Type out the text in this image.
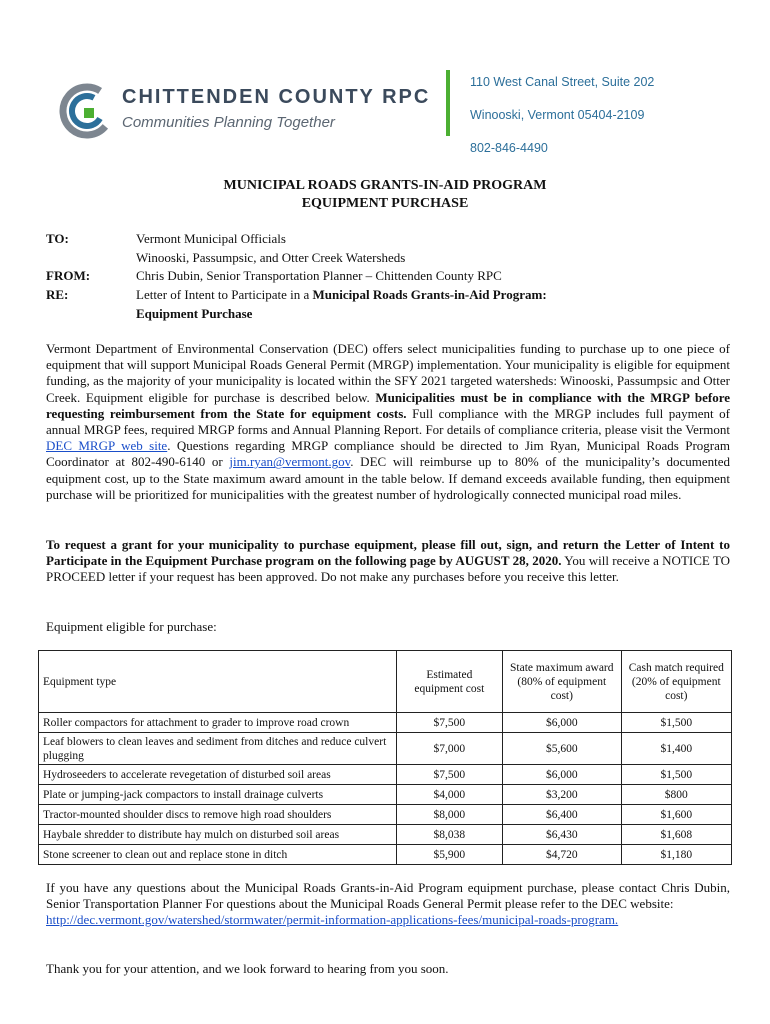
CHITTENDEN COUNTY RPC
Communities Planning Together
110 West Canal Street, Suite 202
Winooski, Vermont 05404-2109
802-846-4490
MUNICIPAL ROADS GRANTS-IN-AID PROGRAM
EQUIPMENT PURCHASE
TO:	Vermont Municipal Officials
Winooski, Passumpsic, and Otter Creek Watersheds
FROM:	Chris Dubin, Senior Transportation Planner – Chittenden County RPC
RE:	Letter of Intent to Participate in a Municipal Roads Grants-in-Aid Program:
Equipment Purchase
Vermont Department of Environmental Conservation (DEC) offers select municipalities funding to purchase up to one piece of equipment that will support Municipal Roads General Permit (MRGP) implementation. Your municipality is eligible for equipment funding, as the majority of your municipality is located within the SFY 2021 targeted watersheds: Winooski, Passumpsic and Otter Creek. Equipment eligible for purchase is described below. Municipalities must be in compliance with the MRGP before requesting reimbursement from the State for equipment costs. Full compliance with the MRGP includes full payment of annual MRGP fees, required MRGP forms and Annual Planning Report. For details of compliance criteria, please visit the Vermont DEC MRGP web site. Questions regarding MRGP compliance should be directed to Jim Ryan, Municipal Roads Program Coordinator at 802-490-6140 or jim.ryan@vermont.gov. DEC will reimburse up to 80% of the municipality’s documented equipment cost, up to the State maximum award amount in the table below. If demand exceeds available funding, then equipment purchase will be prioritized for municipalities with the greatest number of hydrologically connected municipal road miles.
To request a grant for your municipality to purchase equipment, please fill out, sign, and return the Letter of Intent to Participate in the Equipment Purchase program on the following page by AUGUST 28, 2020. You will receive a NOTICE TO PROCEED letter if your request has been approved. Do not make any purchases before you receive this letter.
Equipment eligible for purchase:
Equipment type	Estimated equipment cost	State maximum award (80% of equipment cost)	Cash match required (20% of equipment cost)
Roller compactors for attachment to grader to improve road crown	$7,500	$6,000	$1,500
Leaf blowers to clean leaves and sediment from ditches and reduce culvert plugging	$7,000	$5,600	$1,400
Hydroseeders to accelerate revegetation of disturbed soil areas	$7,500	$6,000	$1,500
Plate or jumping-jack compactors to install drainage culverts	$4,000	$3,200	$800
Tractor-mounted shoulder discs to remove high road shoulders	$8,000	$6,400	$1,600
Haybale shredder to distribute hay mulch on disturbed soil areas	$8,038	$6,430	$1,608
Stone screener to clean out and replace stone in ditch	$5,900	$4,720	$1,180
If you have any questions about the Municipal Roads Grants-in-Aid Program equipment purchase, please contact Chris Dubin, Senior Transportation Planner For questions about the Municipal Roads General Permit please refer to the DEC website:
http://dec.vermont.gov/watershed/stormwater/permit-information-applications-fees/municipal-roads-program.
Thank you for your attention, and we look forward to hearing from you soon.
